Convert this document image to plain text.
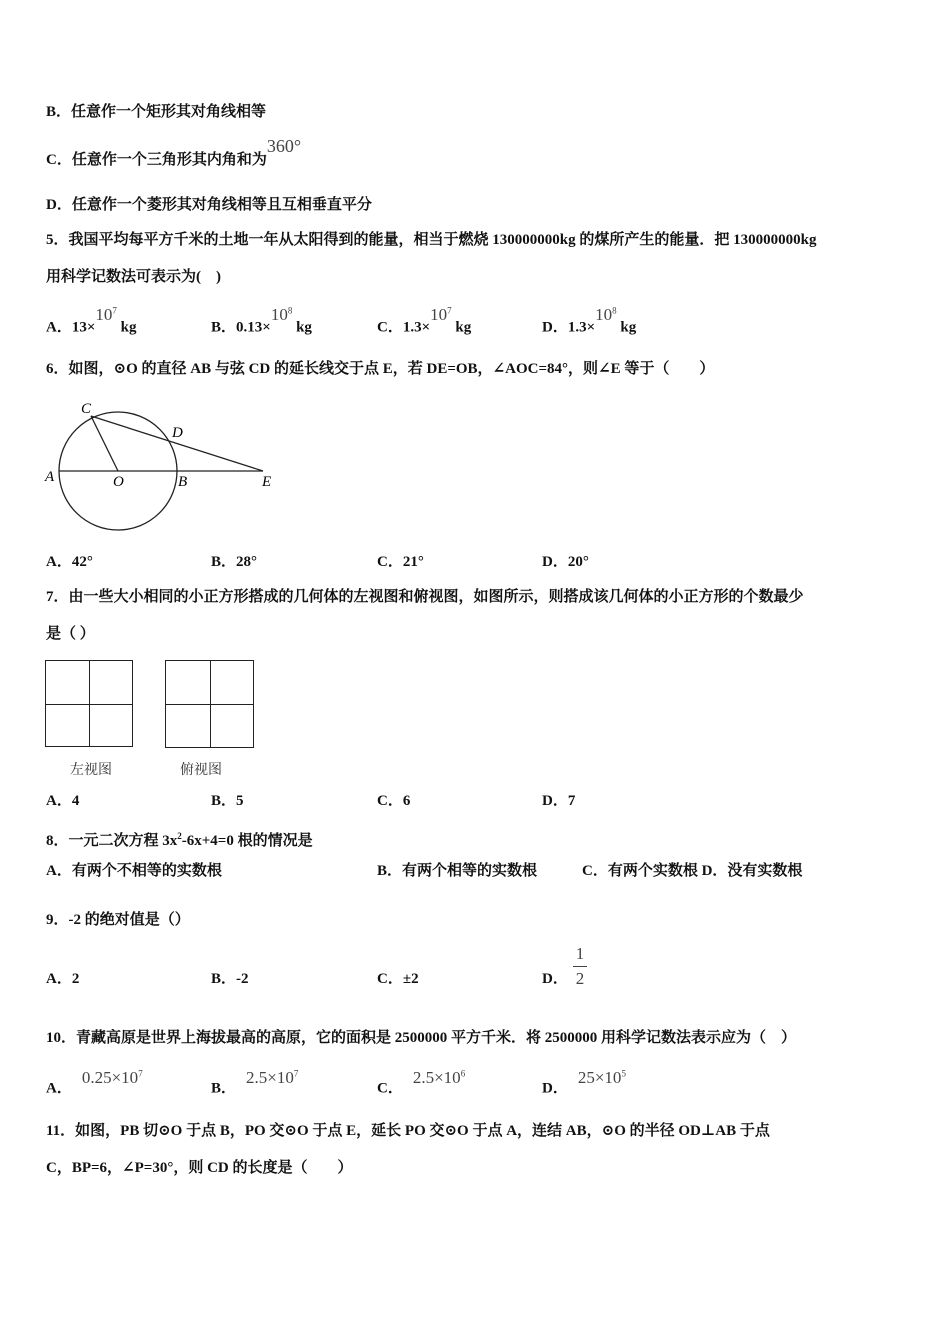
B．任意作一个矩形其对角线相等
C．任意作一个三角形其内角和为360°
D．任意作一个菱形其对角线相等且互相垂直平分
5．我国平均每平方千米的土地一年从太阳得到的能量，相当于燃烧 130000000kg 的煤所产生的能量．把 130000000kg
用科学记数法可表示为(　)
A．$13\times 10^7$ kg	B．$0.13\times 10^8$ kg	C．$1.3\times 10^7$ kg	D．$1.3\times 10^8$ kg
6．如图，⊙O 的直径 AB 与弦 CD 的延长线交于点 E，若 DE=OB，∠AOC=84°，则∠E 等于（　　）
C
D
A	O	B	E
A．42°	B．28°	C．21°	D．20°
7．由一些大小相同的小正方形搭成的几何体的左视图和俯视图，如图所示，则搭成该几何体的小正方形的个数最少
是（ ）
左视图	俯视图
A．4	B．5	C．6	D．7
8．一元二次方程 $3x^2-6x+4=0$ 根的情况是
A．有两个不相等的实数根	B．有两个相等的实数根	C．有两个实数根 D．没有实数根
9．-2 的绝对值是（）
A．2	B．-2	C．±2	D．
1
2
10．青藏高原是世界上海拔最高的高原，它的面积是 2500000 平方千米．将 2500000 用科学记数法表示应为（　）
A．$0.25\times 10^7$
B．$2.5\times 10^7$
C．$2.5\times 10^6$
D．$25\times 10^5$
11．如图，PB 切⊙O 于点 B，PO 交⊙O 于点 E，延长 PO 交⊙O 于点 A，连结 AB，⊙O 的半径 OD⊥AB 于点
C，BP=6，∠P=30°，则 CD 的长度是（　　）
